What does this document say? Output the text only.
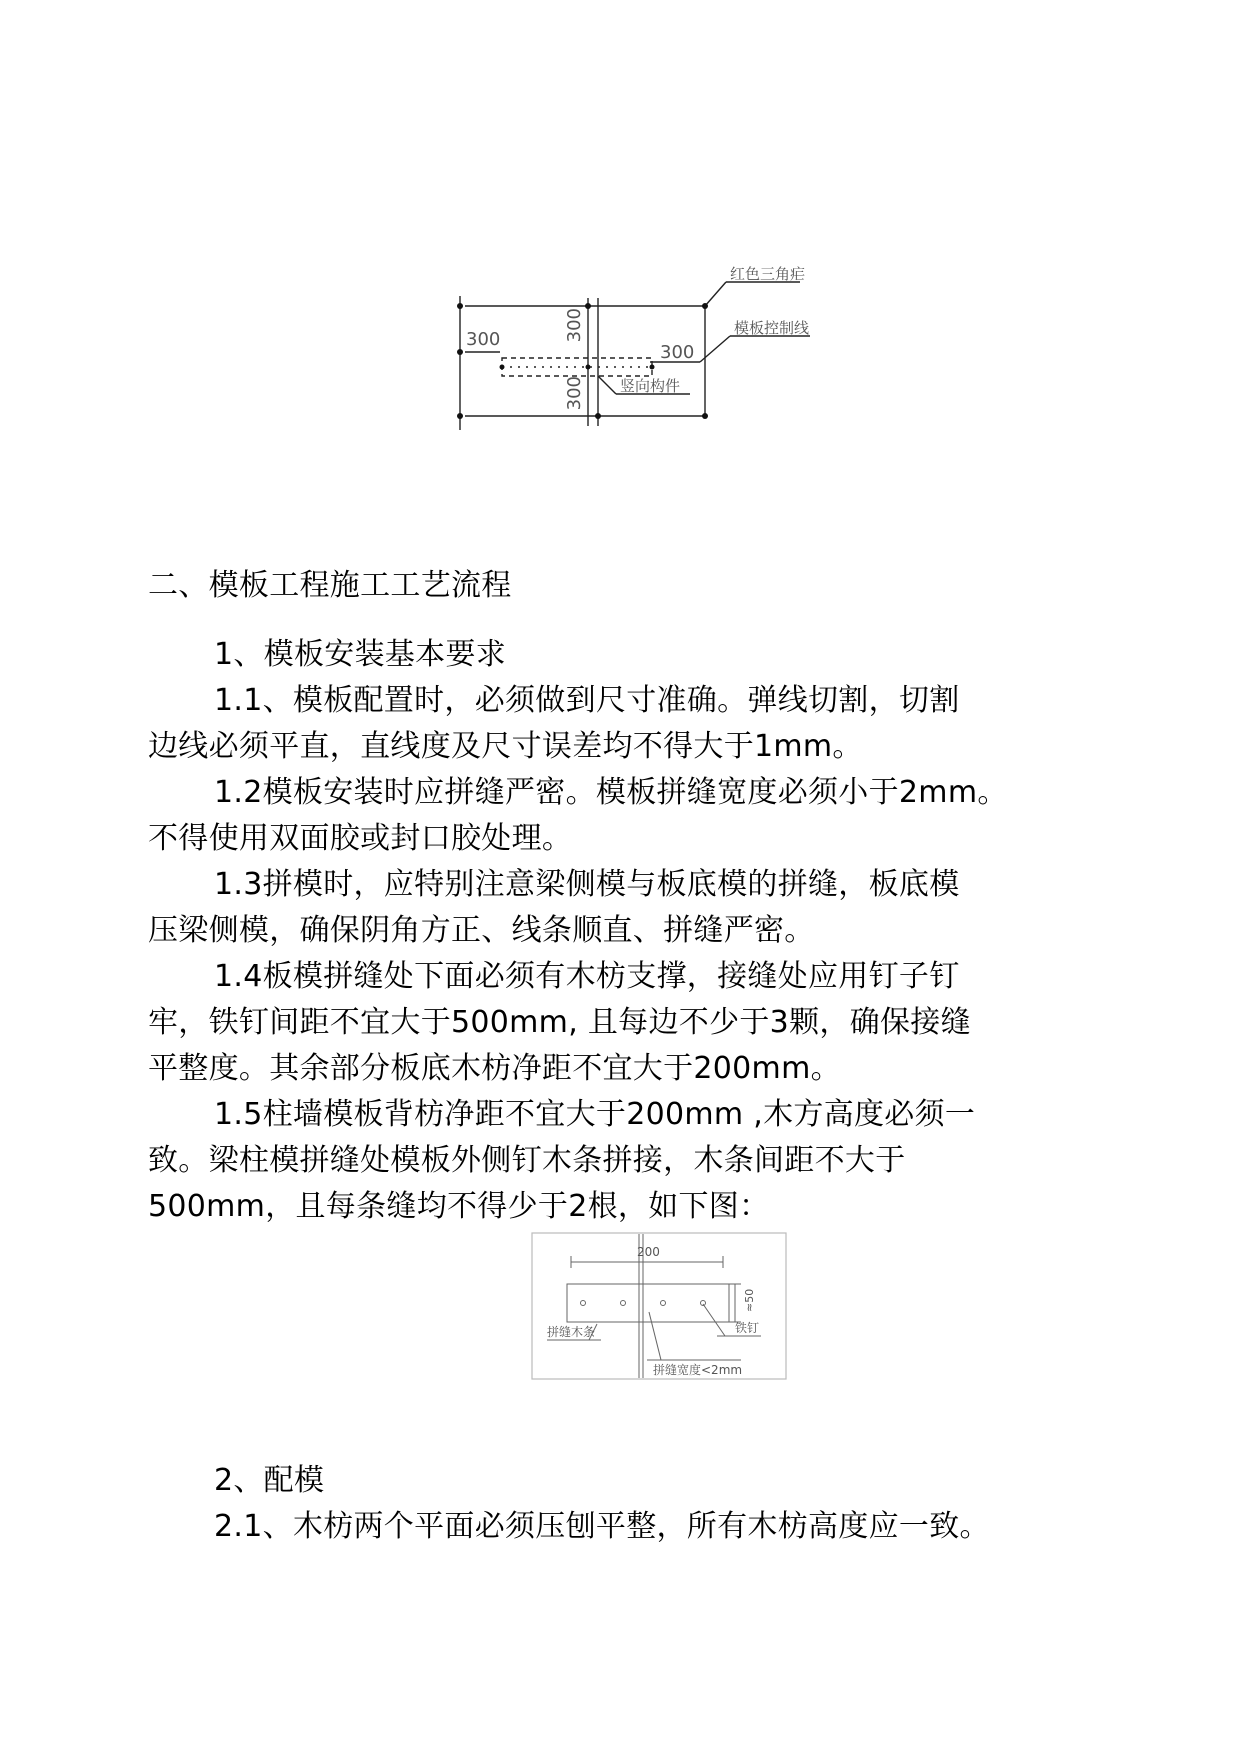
300
300
300
300
红色三角疟
模板控制线
竖向构件
二、模板工程施工工艺流程
1、模板安装基本要求
1.1、模板配置时，必须做到尺寸准确。弹线切割，切割
边线必须平直，直线度及尺寸误差均不得大于1mm。
1.2模板安装时应拼缝严密。模板拼缝宽度必须小于2mm。
不得使用双面胶或封口胶处理。
1.3拼模时，应特别注意梁侧模与板底模的拼缝，板底模
压梁侧模，确保阴角方正、线条顺直、拼缝严密。
1.4板模拼缝处下面必须有木枋支撑，接缝处应用钉子钉
牢，铁钉间距不宜大于500mm, 且每边不少于3颗，确保接缝
平整度。其余部分板底木枋净距不宜大于200mm。
1.5柱墙模板背枋净距不宜大于200mm ,木方高度必须一
致。梁柱模拼缝处模板外侧钉木条拼接，木条间距不大于
500mm，且每条缝均不得少于2根，如下图：
200
≈50
拼缝木条	铁钉
拼缝宽度<2mm
2、配模
2.1、木枋两个平面必须压刨平整，所有木枋高度应一致。
